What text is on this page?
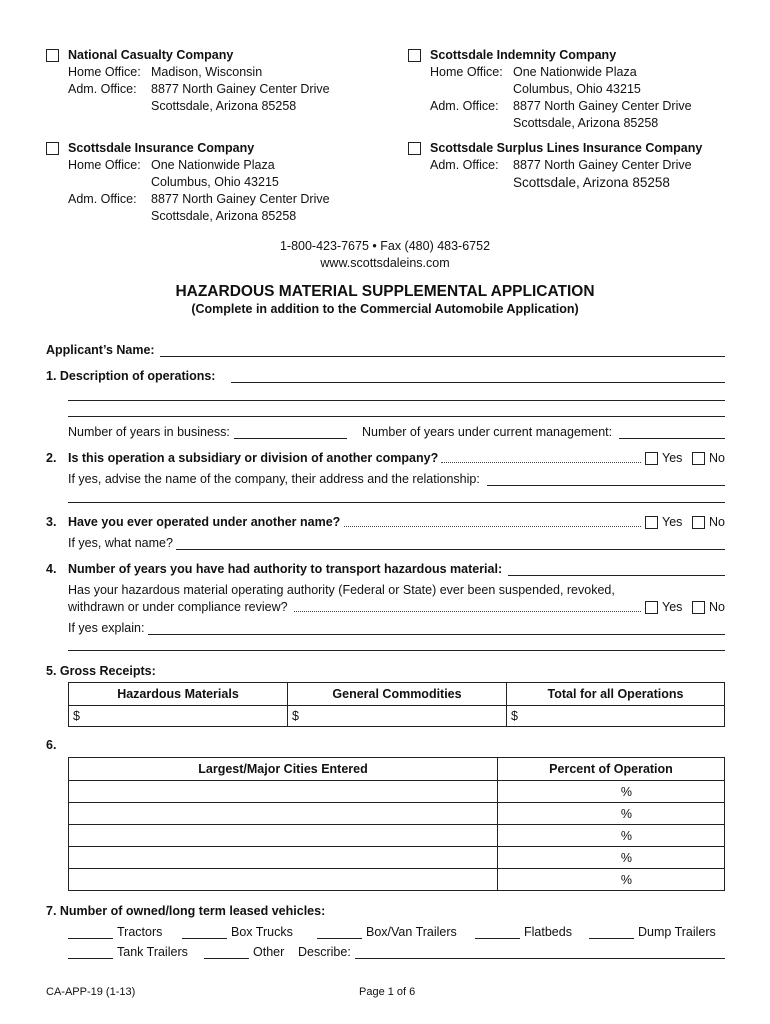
National Casualty Company
Home Office: Madison, Wisconsin
Adm. Office: 8877 North Gainey Center Drive
Scottsdale, Arizona 85258
Scottsdale Indemnity Company
Home Office: One Nationwide Plaza
Columbus, Ohio 43215
Adm. Office: 8877 North Gainey Center Drive
Scottsdale, Arizona 85258
Scottsdale Insurance Company
Home Office: One Nationwide Plaza
Columbus, Ohio 43215
Adm. Office: 8877 North Gainey Center Drive
Scottsdale, Arizona 85258
Scottsdale Surplus Lines Insurance Company
Adm. Office: 8877 North Gainey Center Drive
Scottsdale, Arizona 85258
1-800-423-7675 • Fax (480) 483-6752
www.scottsdaleins.com
HAZARDOUS MATERIAL SUPPLEMENTAL APPLICATION
(Complete in addition to the Commercial Automobile Application)
Applicant’s Name:
1. Description of operations:
Number of years in business:	Number of years under current management:
2. Is this operation a subsidiary or division of another company?	Yes No
If yes, advise the name of the company, their address and the relationship:
3. Have you ever operated under another name?	Yes No
If yes, what name?
4. Number of years you have had authority to transport hazardous material:
Has your hazardous material operating authority (Federal or State) ever been suspended, revoked,
withdrawn or under compliance review?	Yes No
If yes explain:
5. Gross Receipts:
Hazardous Materials	General Commodities	Total for all Operations
$	$	$
6.
Largest/Major Cities Entered	Percent of Operation
	%
	%
	%
	%
	%
7. Number of owned/long term leased vehicles:
Tractors	Box Trucks	Box/Van Trailers	Flatbeds	Dump Trailers
Tank Trailers	Other Describe:
CA-APP-19 (1-13)	Page 1 of 6
